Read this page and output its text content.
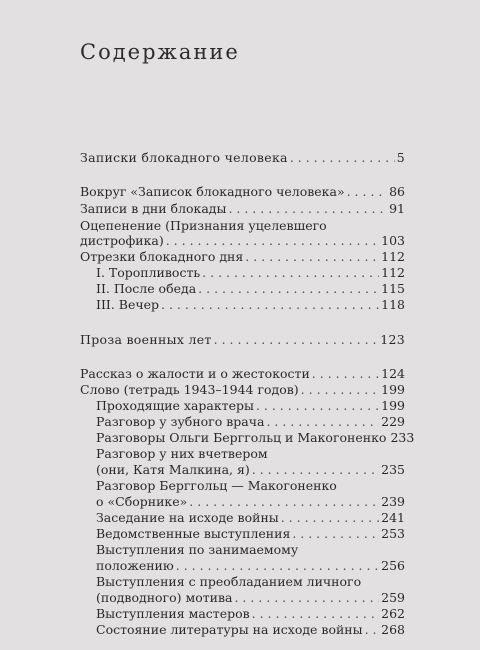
Содержание
Записки блокадного человека . . .	5
Вокруг «Записок блокадного человека» . . .	86
Записи в дни блокады . . .	91
Оцепенение (Признания уцелевшего
дистрофика) . . .	103
Отрезки блокадного дня . . .	112
I. Торопливость . . .	112
II. После обеда . . .	115
III. Вечер . . .	118
Проза военных лет . . .	123
Рассказ о жалости и о жестокости . . .	124
Слово (тетрадь 1943–1944 годов) . . .	199
Проходящие характеры . . .	199
Разговор у зубного врача . . .	229
Разговоры Ольги Берггольц и Макогоненко 233
Разговор у них вчетвером
(они, Катя Малкина, я) . . .	235
Разговор Берггольц — Макогоненко
о «Сборнике» . . .	239
Заседание на исходе войны . . .	241
Ведомственные выступления . . .	253
Выступления по занимаемому
положению . . .	256
Выступления с преобладанием личного
(подводного) мотива . . .	259
Выступления мастеров . . .	262
Состояние литературы на исходе войны . . . 268
